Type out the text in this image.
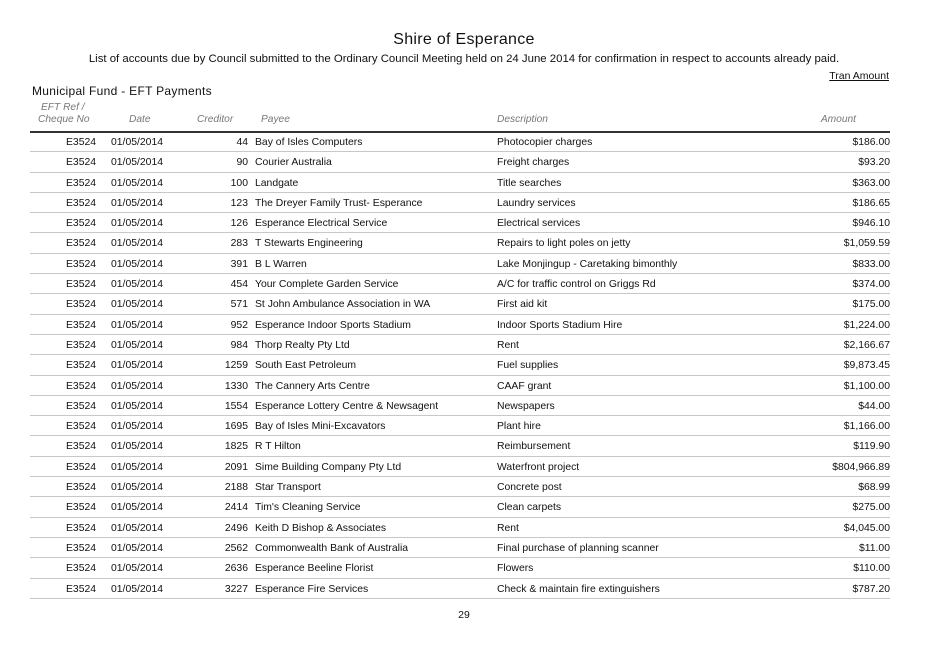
Shire of Esperance
List of accounts due by Council submitted to the Ordinary Council Meeting held on 24 June 2014 for confirmation in respect to accounts already paid.
Tran Amount
Municipal Fund - EFT Payments
EFT Ref /
Cheque No	Date	Creditor	Payee	Description	Amount
E3524 01/05/2014	44 Bay of Isles Computers	Photocopier charges	$186.00
E3524 01/05/2014	90 Courier Australia	Freight charges	$93.20
E3524 01/05/2014	100 Landgate	Title searches	$363.00
E3524 01/05/2014	123 The Dreyer Family Trust- Esperance	Laundry services	$186.65
E3524 01/05/2014	126 Esperance Electrical Service	Electrical services	$946.10
E3524 01/05/2014	283 T Stewarts Engineering	Repairs to light poles on jetty	$1,059.59
E3524 01/05/2014	391 B L Warren	Lake Monjingup - Caretaking bimonthly	$833.00
E3524 01/05/2014	454 Your Complete Garden Service	A/C for traffic control on Griggs Rd	$374.00
E3524 01/05/2014	571 St John Ambulance Association in WA	First aid kit	$175.00
E3524 01/05/2014	952 Esperance Indoor Sports Stadium	Indoor Sports Stadium Hire	$1,224.00
E3524 01/05/2014	984 Thorp Realty Pty Ltd	Rent	$2,166.67
E3524 01/05/2014	1259 South East Petroleum	Fuel supplies	$9,873.45
E3524 01/05/2014	1330 The Cannery Arts Centre	CAAF grant	$1,100.00
E3524 01/05/2014	1554 Esperance Lottery Centre & Newsagent	Newspapers	$44.00
E3524 01/05/2014	1695 Bay of Isles Mini-Excavators	Plant hire	$1,166.00
E3524 01/05/2014	1825 R T Hilton	Reimbursement	$119.90
E3524 01/05/2014	2091 Sime Building Company Pty Ltd	Waterfront project	$804,966.89
E3524 01/05/2014	2188 Star Transport	Concrete post	$68.99
E3524 01/05/2014	2414 Tim's Cleaning Service	Clean carpets	$275.00
E3524 01/05/2014	2496 Keith D Bishop & Associates	Rent	$4,045.00
E3524 01/05/2014	2562 Commonwealth Bank of Australia	Final purchase of planning scanner	$11.00
E3524 01/05/2014	2636 Esperance Beeline Florist	Flowers	$110.00
E3524 01/05/2014	3227 Esperance Fire Services	Check & maintain fire extinguishers	$787.20
29
